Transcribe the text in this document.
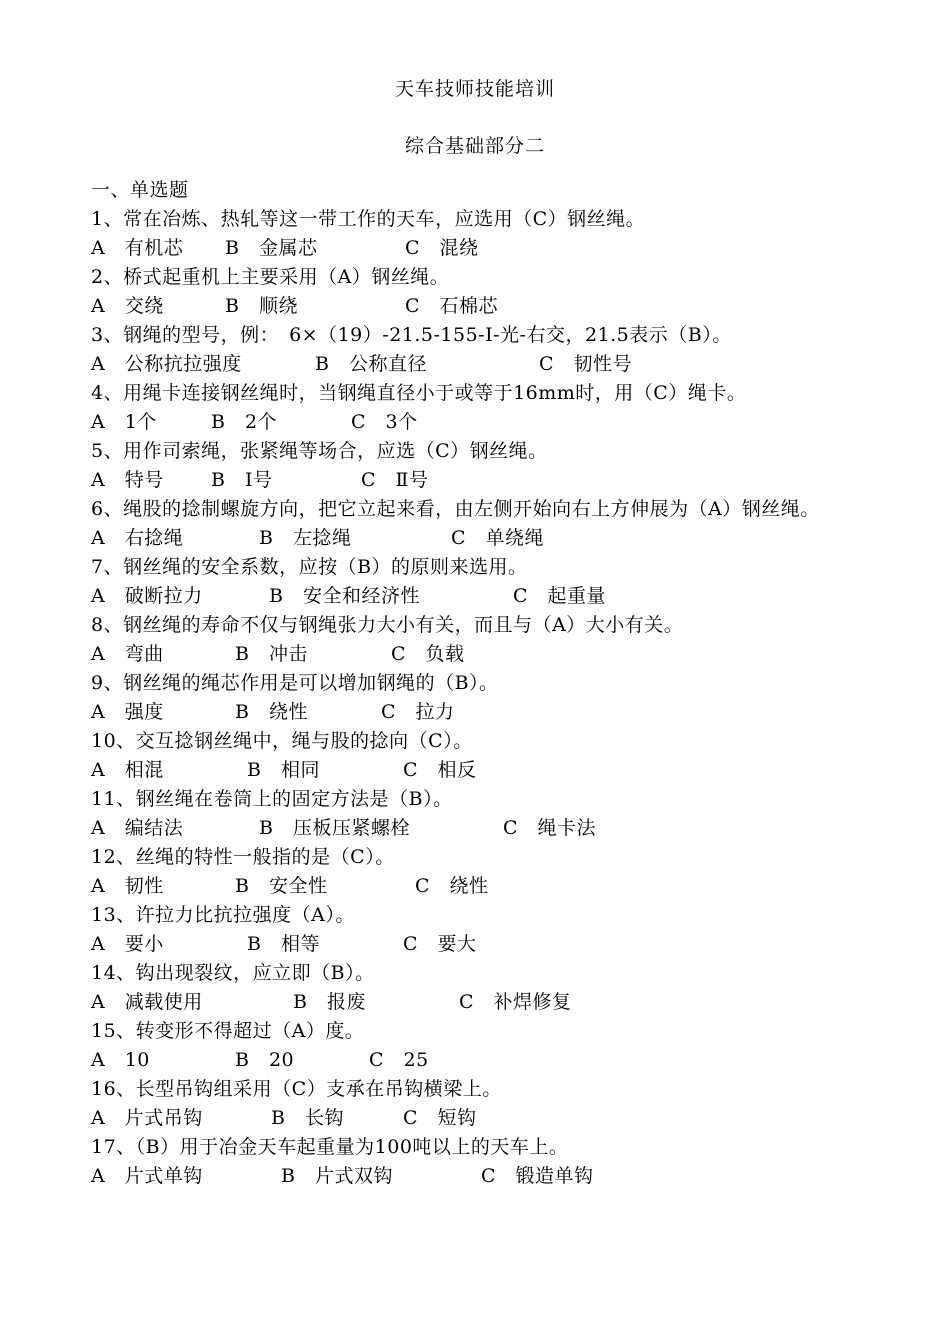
天车技师技能培训
综合基础部分二
一、单选题
1、常在冶炼、热轧等这一带工作的天车，应选用（C）钢丝绳。
A　有机芯	B　金属芯	C　混绕
2、桥式起重机上主要采用（A）钢丝绳。
A　交绕	B　顺绕	C　石棉芯
3、钢绳的型号，例：　6×（19）-21.5-155-I-光-右交，21.5表示（B）。
A　公称抗拉强度	B　公称直径	C　韧性号
4、用绳卡连接钢丝绳时，当钢绳直径小于或等于16mm时，用（C）绳卡。
A　1个	B　2个	C　3个
5、用作司索绳，张紧绳等场合，应选（C）钢丝绳。
A　特号	B　Ⅰ号	C　Ⅱ号
6、绳股的捻制螺旋方向，把它立起来看，由左侧开始向右上方伸展为（A）钢丝绳。
A　右捻绳	B　左捻绳	C　单绕绳
7、钢丝绳的安全系数，应按（B）的原则来选用。
A　破断拉力	B　安全和经济性	C　起重量
8、钢丝绳的寿命不仅与钢绳张力大小有关，而且与（A）大小有关。
A　弯曲	B　冲击	C　负载
9、钢丝绳的绳芯作用是可以增加钢绳的（B）。
A　强度	B　绕性	C　拉力
10、交互捻钢丝绳中，绳与股的捻向（C）。
A　相混	B　相同	C　相反
11、钢丝绳在卷筒上的固定方法是（B）。
A　编结法	B　压板压紧螺栓	C　绳卡法
12、丝绳的特性一般指的是（C）。
A　韧性	B　安全性	C　绕性
13、许拉力比抗拉强度（A）。
A　要小	B　相等	C　要大
14、钩出现裂纹，应立即（B）。
A　减载使用	B　报废	C　补焊修复
15、转变形不得超过（A）度。
A　10	B　20	C　25
16、长型吊钩组采用（C）支承在吊钩横梁上。
A　片式吊钩	B　长钩	C　短钩
17、（B）用于冶金天车起重量为100吨以上的天车上。
A　片式单钩	B　片式双钩	C　锻造单钩
